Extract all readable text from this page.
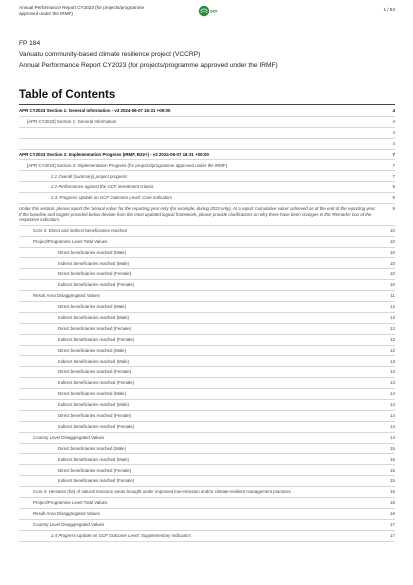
Annual Performance Report CY2023 (for projects/programme approved under the IRMF)	GCF	1 / 84
FP 184
Vanuatu community-based climate resilience project (VCCRP)
Annual Performance Report CY2023 (for projects/programme approved under the IRMF)
Table of Contents
APR CY2023 Section 1: General Information - v3 2024-06-07 16:31 +09:00	4
[APR CY2023] Section 1: General Information	4
4
4
APR CY2023 Section 2: Implementation Progress (IRMF, B32+) - v3 2024-06-07 16:31 +09:00	7
[APR CY2023] Section 2: Implementation Progress (for projects/programme approved under the IRMF)	7
2.1 Overall (summary) project progress	7
2.2 Performance against the GCF investment criteria	9
2.3. Progress Update on GCF Outcome Level: Core Indicators	9
Under this section, please report the 'annual value' for the reporting year only (for example, during 2023 only). At a report 'cumulative value' achieved as of the end of the reporting year. If the baseline and targets provided below deviate from the most updated logical framework, please provide clarifications on why there have been changes in the 'Remarks' box of the respective indicators.
9
Core 2: Direct and indirect beneficiaries reached	10
Project/Programme Level Total Values	10
Direct beneficiaries reached (Male)	10
Indirect beneficiaries reached (Male)	10
Direct beneficiaries reached (Female)	10
Indirect beneficiaries reached (Female)	10
Result Area Disaggregated Values	11
Direct beneficiaries reached (Male)	12
Indirect beneficiaries reached (Male)	12
Direct beneficiaries reached (Female)	12
Indirect beneficiaries reached (Female)	12
Direct beneficiaries reached (Male)	12
Indirect beneficiaries reached (Male)	13
Direct beneficiaries reached (Female)	13
Indirect beneficiaries reached (Female)	13
Direct beneficiaries reached (Male)	14
Indirect beneficiaries reached (Male)	14
Direct beneficiaries reached (Female)	14
Indirect beneficiaries reached (Female)	14
Country Level Disaggregated Values	14
Direct beneficiaries reached (Male)	15
Indirect beneficiaries reached (Male)	15
Direct beneficiaries reached (Female)	15
Indirect beneficiaries reached (Female)	15
Core 4: Hectares (ha) of natural resource areas brought under improved low-emission and/or climate-resilient management practices	16
Project/Programme Level Total Values	16
Result Area Disaggregated Values	16
Country Level Disaggregated Values	17
2.4 Progress Update on GCF Outcome Level: Supplementary Indicators	17
